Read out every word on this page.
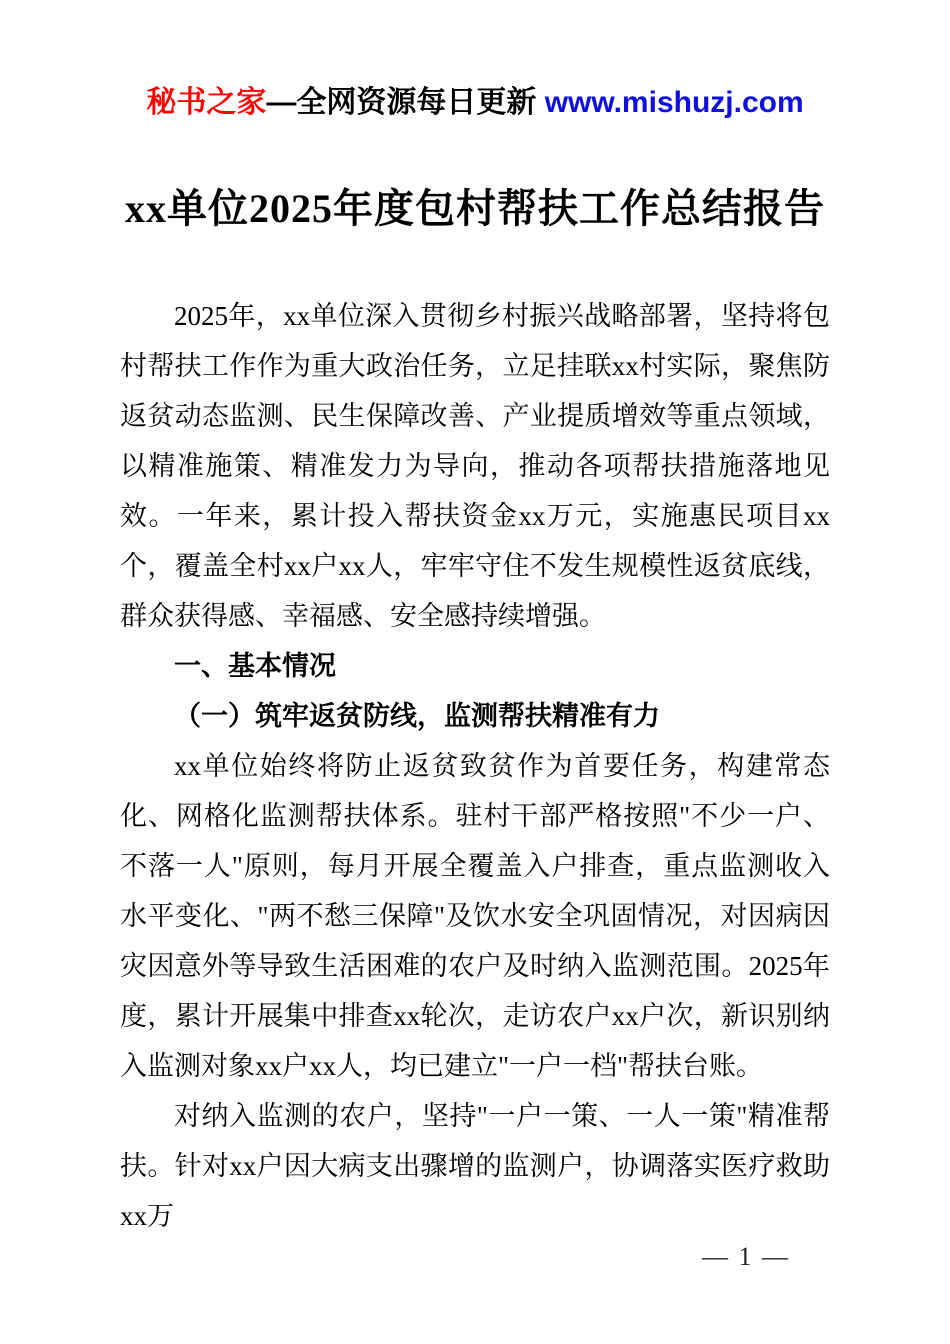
秘书之家—全网资源每日更新 www.mishuzj.com
xx单位2025年度包村帮扶工作总结报告

2025年，xx单位深入贯彻乡村振兴战略部署，坚持将包村帮扶工作作为重大政治任务，立足挂联xx村实际，聚焦防返贫动态监测、民生保障改善、产业提质增效等重点领域，以精准施策、精准发力为导向，推动各项帮扶措施落地见效。一年来，累计投入帮扶资金xx万元，实施惠民项目xx个，覆盖全村xx户xx人，牢牢守住不发生规模性返贫底线，群众获得感、幸福感、安全感持续增强。

一、基本情况

（一）筑牢返贫防线，监测帮扶精准有力

xx单位始终将防止返贫致贫作为首要任务，构建常态化、网格化监测帮扶体系。驻村干部严格按照"不少一户、不落一人"原则，每月开展全覆盖入户排查，重点监测收入水平变化、"两不愁三保障"及饮水安全巩固情况，对因病因灾因意外等导致生活困难的农户及时纳入监测范围。2025年度，累计开展集中排查xx轮次，走访农户xx户次，新识别纳入监测对象xx户xx人，均已建立"一户一档"帮扶台账。

对纳入监测的农户，坚持"一户一策、一人一策"精准帮扶。针对xx户因大病支出骤增的监测户，协调落实医疗救助xx万

— 1 —
